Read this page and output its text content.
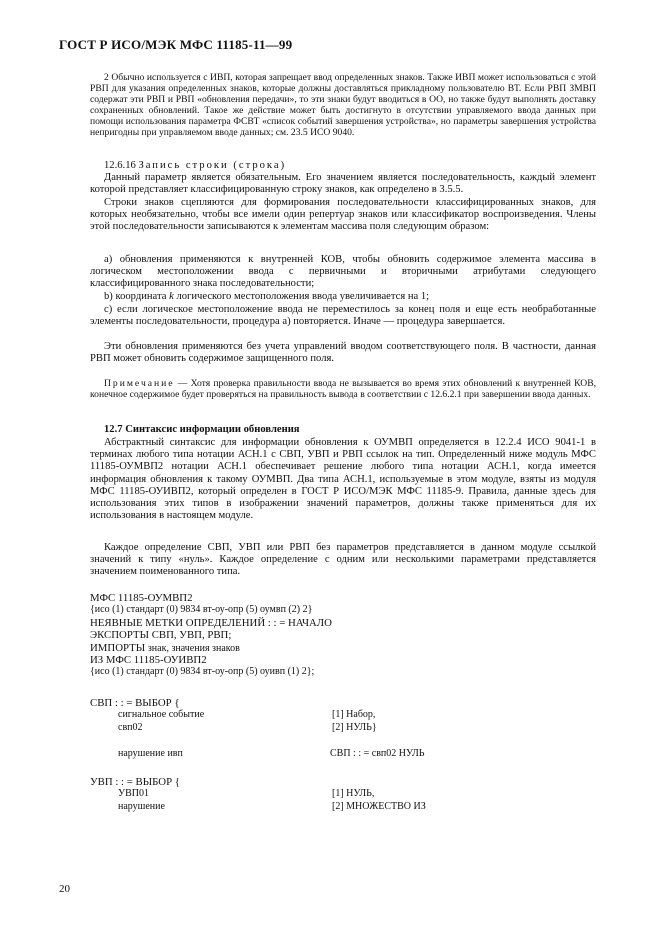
ГОСТ Р ИСО/МЭК МФС 11185-11—99
2 Обычно используется с ИВП, которая запрещает ввод определенных знаков. Также ИВП может использоваться с этой РВП для указания определенных знаков, которые должны доставляться прикладному пользователю ВТ. Если РВП ЗМВП содержат эти РВП и РВП «обновления передачи», то эти знаки будут вводиться в ОО, но также будут выполнять доставку сохраненных обновлений. Такое же действие может быть достигнуто в отсутствии управляемого ввода данных при помощи использования параметра ФСВТ «список событий завершения устройства», но параметры завершения устройства непригодны при управляемом вводе данных; см. 23.5 ИСО 9040.
12.6.16 Запись строки (строка)
Данный параметр является обязательным. Его значением является последовательность, каждый элемент которой представляет классифицированную строку знаков, как определено в 3.5.5.
Строки знаков сцепляются для формирования последовательности классифицированных знаков, для которых необязательно, чтобы все имели один репертуар знаков или классификатор воспроизведения. Члены этой последовательности записываются к элементам массива поля следующим образом:
а) обновления применяются к внутренней КОВ, чтобы обновить содержимое элемента массива в логическом местоположении ввода с первичными и вторичными атрибутами следующего классифицированного знака последовательности;
b) координата k логического местоположения ввода увеличивается на 1;
с) если логическое местоположение ввода не переместилось за конец поля и еще есть необработанные элементы последовательности, процедура а) повторяется. Иначе — процедура завершается.
Эти обновления применяются без учета управлений вводом соответствующего поля. В частности, данная РВП может обновить содержимое защищенного поля.
Примечание — Хотя проверка правильности ввода не вызывается во время этих обновлений к внутренней КОВ, конечное содержимое будет проверяться на правильность вывода в соответствии с 12.6.2.1 при завершении ввода данных.
12.7 Синтаксис информации обновления
Абстрактный синтаксис для информации обновления к ОУМВП определяется в 12.2.4 ИСО 9041-1 в терминах любого типа нотации АСН.1 с СВП, УВП и РВП ссылок на тип. Определенный ниже модуль МФС 11185-ОУМВП2 нотации АСН.1 обеспечивает решение любого типа нотации АСН.1, когда имеется информация обновления к такому ОУМВП. Два типа АСН.1, используемые в этом модуле, взяты из модуля МФС 11185-ОУИВП2, который определен в ГОСТ Р ИСО/МЭК МФС 11185-9. Правила, данные здесь для использования этих типов в изображении значений параметров, должны также применяться для их использования в настоящем модуле.
Каждое определение СВП, УВП или РВП без параметров представляется в данном модуле ссылкой значений к типу «нуль». Каждое определение с одним или несколькими параметрами представляется значением поименованного типа.
МФС 11185-ОУМВП2
{исо (1) стандарт (0) 9834 вт-оу-опр (5) оумвп (2) 2}
НЕЯВНЫЕ МЕТКИ ОПРЕДЕЛЕНИЙ : : = НАЧАЛО
ЭКСПОРТЫ СВП, УВП, РВП;
ИМПОРТЫ знак, значения знаков
ИЗ МФС 11185-ОУИВП2
{исо (1) стандарт (0) 9834 вт-оу-опр (5) оуивп (1) 2};
СВП : : = ВЫБОР {
сигнальное событие	[1] Набор,
свп02	[2] НУЛЬ}
нарушение ивп	СВП : : = свп02 НУЛЬ
УВП : : = ВЫБОР {
УВП01	[1] НУЛЬ,
нарушение	[2] МНОЖЕСТВО ИЗ
20
